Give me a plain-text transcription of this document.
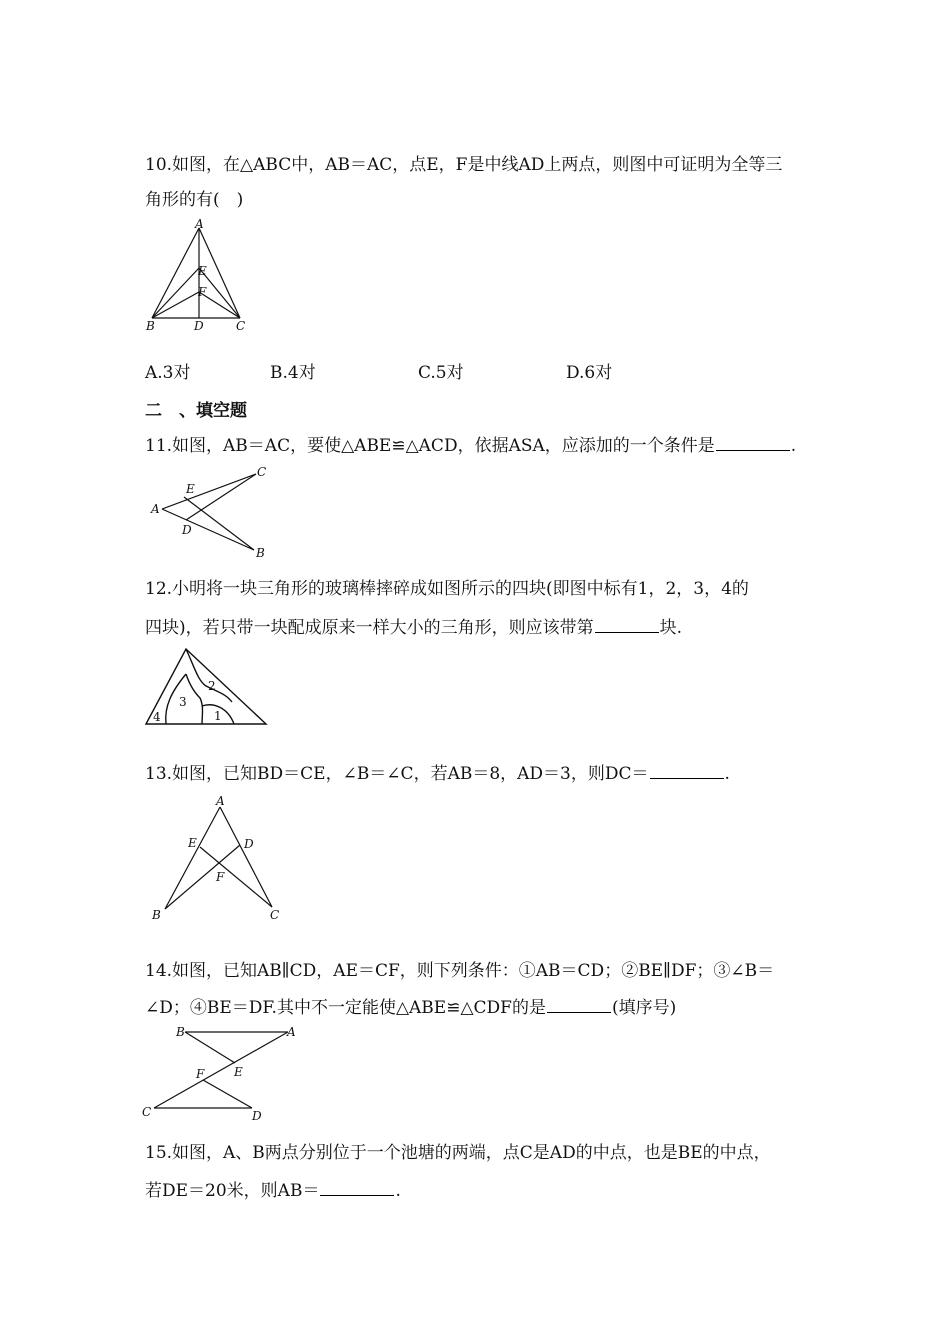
10.如图，在△ABC中，AB＝AC，点E，F是中线AD上两点，则图中可证明为全等三
角形的有(　)
A
E
F
B	D	C
A.3对	B.4对	C.5对	D.6对
二　、填空题
11.如图，AB＝AC，要使△ABE≌△ACD，依据ASA，应添加的一个条件是	.
C
E
A
D
B
12.小明将一块三角形的玻璃棒摔碎成如图所示的四块(即图中标有1，2，3，4的
四块)，若只带一块配成原来一样大小的三角形，则应该带第	块.
4
3
2
1
13.如图，已知BD＝CE，∠B＝∠C，若AB＝8，AD＝3，则DC＝	.
A
E	D
F
B	C
14.如图，已知AB∥CD，AE＝CF，则下列条件：①AB＝CD；②BE∥DF；③∠B＝
∠D；④BE＝DF.其中不一定能使△ABE≌△CDF的是	(填序号)
B	A
E
F
C	D
15.如图，A、B两点分别位于一个池塘的两端，点C是AD的中点，也是BE的中点，
若DE＝20米，则AB＝	.
